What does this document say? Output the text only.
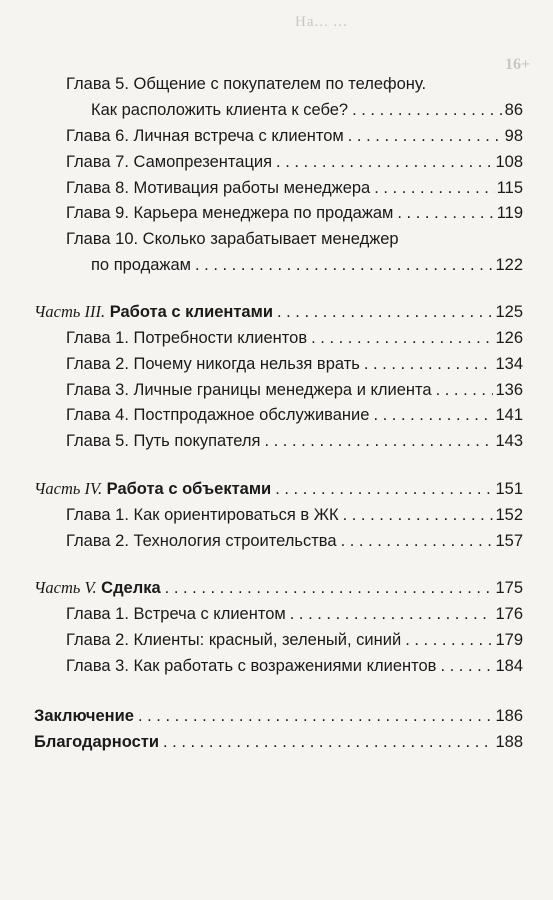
На... ...
16+
Глава 5. Общение с покупателем по телефону.
Как расположить клиента к себе? . . .	86
Глава 6. Личная встреча с клиентом . . .	98
Глава 7. Самопрезентация . . .	108
Глава 8. Мотивация работы менеджера . . .	115
Глава 9. Карьера менеджера по продажам . . .	119
Глава 10. Сколько зарабатывает менеджер
по продажам . . .	122
Часть III. Работа с клиентами . . .	125
Глава 1. Потребности клиентов . . .	126
Глава 2. Почему никогда нельзя врать . . .	134
Глава 3. Личные границы менеджера и клиента . . .	136
Глава 4. Постпродажное обслуживание . . .	141
Глава 5. Путь покупателя . . .	143
Часть IV. Работа с объектами . . .	151
Глава 1. Как ориентироваться в ЖК . . .	152
Глава 2. Технология строительства . . .	157
Часть V. Сделка . . .	175
Глава 1. Встреча с клиентом . . .	176
Глава 2. Клиенты: красный, зеленый, синий . . .	179
Глава 3. Как работать с возражениями клиентов . . .	184
Заключение . . .	186
Благодарности . . .	188
